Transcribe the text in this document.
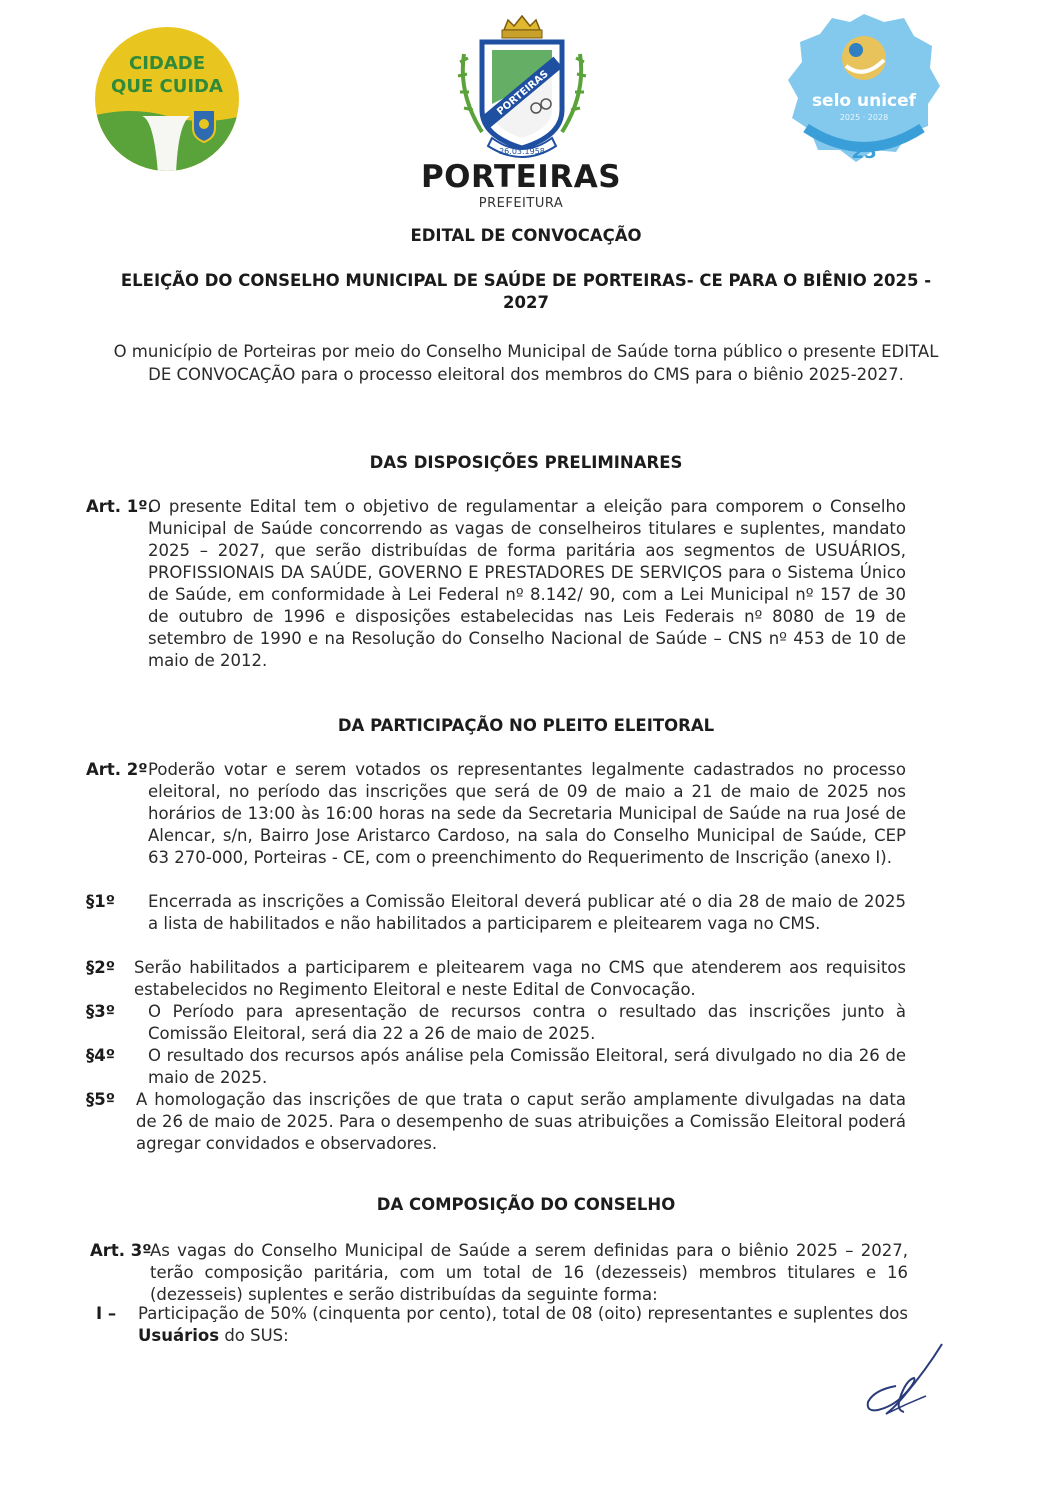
CIDADE
QUE CUIDA	PORTEIRAS
26.03.1958
PORTEIRAS
PREFEITURA
selo unicef
2025 · 2028
25
EDITAL DE CONVOCAÇÃO
ELEIÇÃO DO CONSELHO MUNICIPAL DE SAÚDE DE PORTEIRAS- CE PARA O BIÊNIO 2025 - 2027
O município de Porteiras por meio do Conselho Municipal de Saúde torna público o presente EDITAL DE CONVOCAÇÃO para o processo eleitoral dos membros do CMS para o biênio 2025-2027.
DAS DISPOSIÇÕES PRELIMINARES
Art. 1º.
O presente Edital tem o objetivo de regulamentar a eleição para comporem o Conselho Municipal de Saúde concorrendo as vagas de conselheiros titulares e suplentes, mandato 2025 – 2027, que serão distribuídas de forma paritária aos segmentos de USUÁRIOS, PROFISSIONAIS DA SAÚDE, GOVERNO E PRESTADORES DE SERVIÇOS para o Sistema Único de Saúde, em conformidade à Lei Federal nº 8.142/ 90, com a Lei Municipal nº 157 de 30 de outubro de 1996 e disposições estabelecidas nas Leis Federais nº 8080 de 19 de setembro de 1990 e na Resolução do Conselho Nacional de Saúde – CNS nº 453 de 10 de maio de 2012.
DA PARTICIPAÇÃO NO PLEITO ELEITORAL
Art. 2º Poderão votar e serem votados os representantes legalmente cadastrados no processo eleitoral, no período das inscrições que será de 09 de maio a 21 de maio de 2025 nos horários de 13:00 às 16:00 horas na sede da Secretaria Municipal de Saúde na rua José de Alencar, s/n, Bairro Jose Aristarco Cardoso, na sala do Conselho Municipal de Saúde, CEP 63 270-000, Porteiras - CE, com o preenchimento do Requerimento de Inscrição (anexo I).
§1º Encerrada as inscrições a Comissão Eleitoral deverá publicar até o dia 28 de maio de 2025 a lista de habilitados e não habilitados a participarem e pleitearem vaga no CMS.
§2º Serão habilitados a participarem e pleitearem vaga no CMS que atenderem aos requisitos estabelecidos no Regimento Eleitoral e neste Edital de Convocação.
§3º O Período para apresentação de recursos contra o resultado das inscrições junto à Comissão Eleitoral, será dia 22 a 26 de maio de 2025.
§4º O resultado dos recursos após análise pela Comissão Eleitoral, será divulgado no dia 26 de maio de 2025.
§5º A homologação das inscrições de que trata o caput serão amplamente divulgadas na data de 26 de maio de 2025. Para o desempenho de suas atribuições a Comissão Eleitoral poderá agregar convidados e observadores.
DA COMPOSIÇÃO DO CONSELHO
Art. 3º
As vagas do Conselho Municipal de Saúde a serem definidas para o biênio 2025 – 2027, terão composição paritária, com um total de 16 (dezesseis) membros titulares e 16 (dezesseis) suplentes e serão distribuídas da seguinte forma:
I – Participação de 50% (cinquenta por cento), total de 08 (oito) representantes e suplentes dos Usuários do SUS:
